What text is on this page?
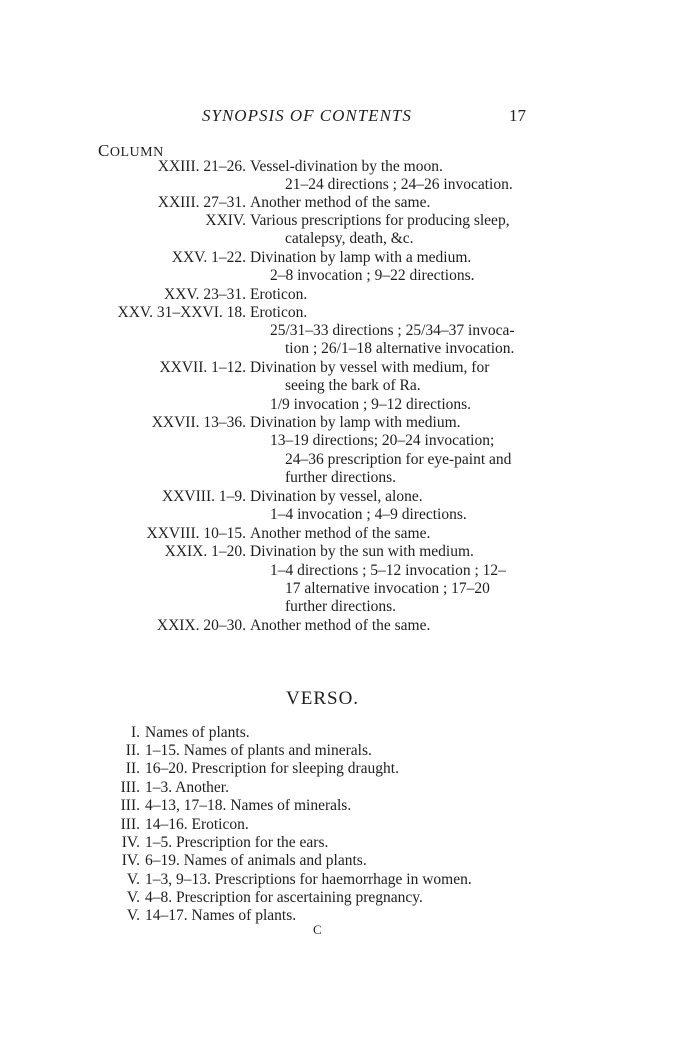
SYNOPSIS OF CONTENTS	17
COLUMN
XXIII. 21–26. Vessel-divination by the moon.
21–24 directions ; 24–26 invocation.
XXIII. 27–31. Another method of the same.
XXIV. Various prescriptions for producing sleep,
catalepsy, death, &c.
XXV. 1–22. Divination by lamp with a medium.
2–8 invocation ; 9–22 directions.
XXV. 23–31. Eroticon.
XXV. 31–XXVI. 18. Eroticon.
25/31–33 directions ; 25/34–37 invoca-
tion ; 26/1–18 alternative invocation.
XXVII. 1–12. Divination by vessel with medium, for
seeing the bark of Ra.
1/9 invocation ; 9–12 directions.
XXVII. 13–36. Divination by lamp with medium.
13–19 directions; 20–24 invocation;
24–36 prescription for eye-paint and
further directions.
XXVIII. 1–9. Divination by vessel, alone.
1–4 invocation ; 4–9 directions.
XXVIII. 10–15. Another method of the same.
XXIX. 1–20. Divination by the sun with medium.
1–4 directions ; 5–12 invocation ; 12–
17 alternative invocation ; 17–20
further directions.
XXIX. 20–30. Another method of the same.
VERSO.
I. Names of plants.
II. 1–15. Names of plants and minerals.
II. 16–20. Prescription for sleeping draught.
III. 1–3. Another.
III. 4–13, 17–18. Names of minerals.
III. 14–16. Eroticon.
IV. 1–5. Prescription for the ears.
IV. 6–19. Names of animals and plants.
V. 1–3, 9–13. Prescriptions for haemorrhage in women.
V. 4–8. Prescription for ascertaining pregnancy.
V. 14–17. Names of plants.
C
